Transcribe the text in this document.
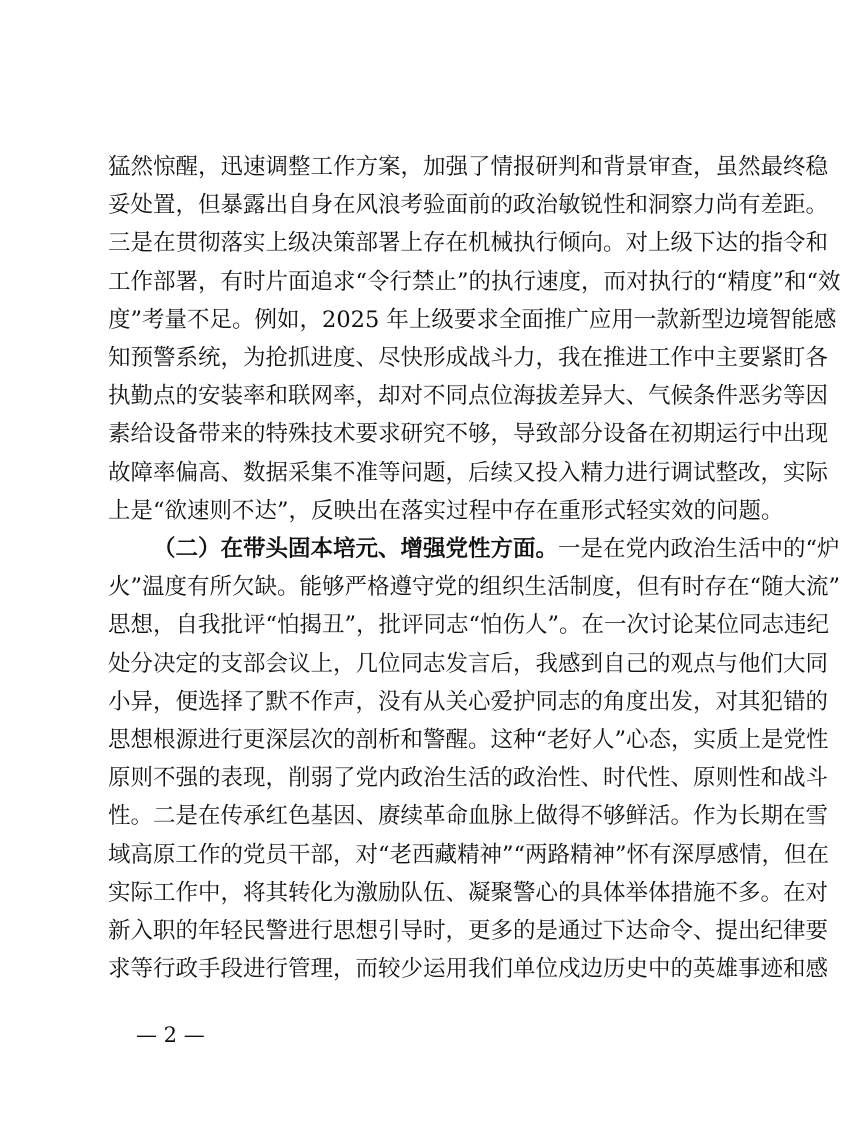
猛然惊醒，迅速调整工作方案，加强了情报研判和背景审查，虽然最终稳
妥处置，但暴露出自身在风浪考验面前的政治敏锐性和洞察力尚有差距。
三是在贯彻落实上级决策部署上存在机械执行倾向。对上级下达的指令和
工作部署，有时片面追求“令行禁止”的执行速度，而对执行的“精度”和“效
度”考量不足。例如，2025 年上级要求全面推广应用一款新型边境智能感
知预警系统，为抢抓进度、尽快形成战斗力，我在推进工作中主要紧盯各
执勤点的安装率和联网率，却对不同点位海拔差异大、气候条件恶劣等因
素给设备带来的特殊技术要求研究不够，导致部分设备在初期运行中出现
故障率偏高、数据采集不准等问题，后续又投入精力进行调试整改，实际
上是“欲速则不达”，反映出在落实过程中存在重形式轻实效的问题。
（二）在带头固本培元、增强党性方面。一是在党内政治生活中的“炉
火”温度有所欠缺。能够严格遵守党的组织生活制度，但有时存在“随大流”
思想，自我批评“怕揭丑”，批评同志“怕伤人”。在一次讨论某位同志违纪
处分决定的支部会议上，几位同志发言后，我感到自己的观点与他们大同
小异，便选择了默不作声，没有从关心爱护同志的角度出发，对其犯错的
思想根源进行更深层次的剖析和警醒。这种“老好人”心态，实质上是党性
原则不强的表现，削弱了党内政治生活的政治性、时代性、原则性和战斗
性。二是在传承红色基因、赓续革命血脉上做得不够鲜活。作为长期在雪
域高原工作的党员干部，对“老西藏精神”“两路精神”怀有深厚感情，但在
实际工作中，将其转化为激励队伍、凝聚警心的具体举体措施不多。在对
新入职的年轻民警进行思想引导时，更多的是通过下达命令、提出纪律要
求等行政手段进行管理，而较少运用我们单位戍边历史中的英雄事迹和感
— 2 —
